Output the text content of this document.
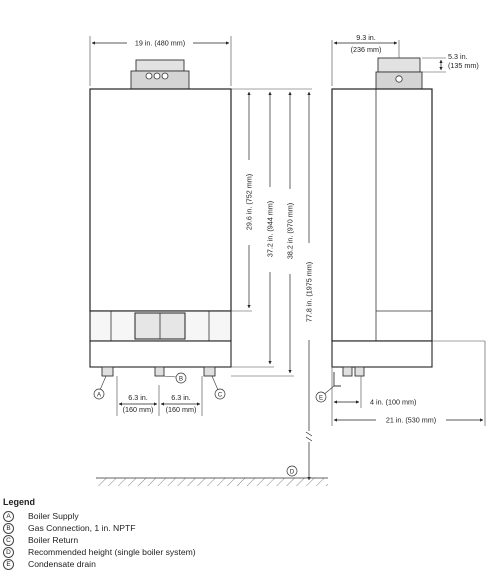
19 in. (480 mm)
29.6 in. (752 mm) 37.2 in. (944 mm) 38.2 in. (970 mm)
77.8 in. (1975 mm)
6.3 in.
(160 mm)
6.3 in.
(160 mm)
A
B
C
D
9.3 in.
(236 mm)
5.3 in.
(135 mm)
4 in. (100 mm)
E
21 in. (530 mm)
Legend
A	Boiler Supply
B	Gas Connection, 1 in. NPTF
C	Boiler Return
D	Recommended height (single boiler system)
E	Condensate drain
